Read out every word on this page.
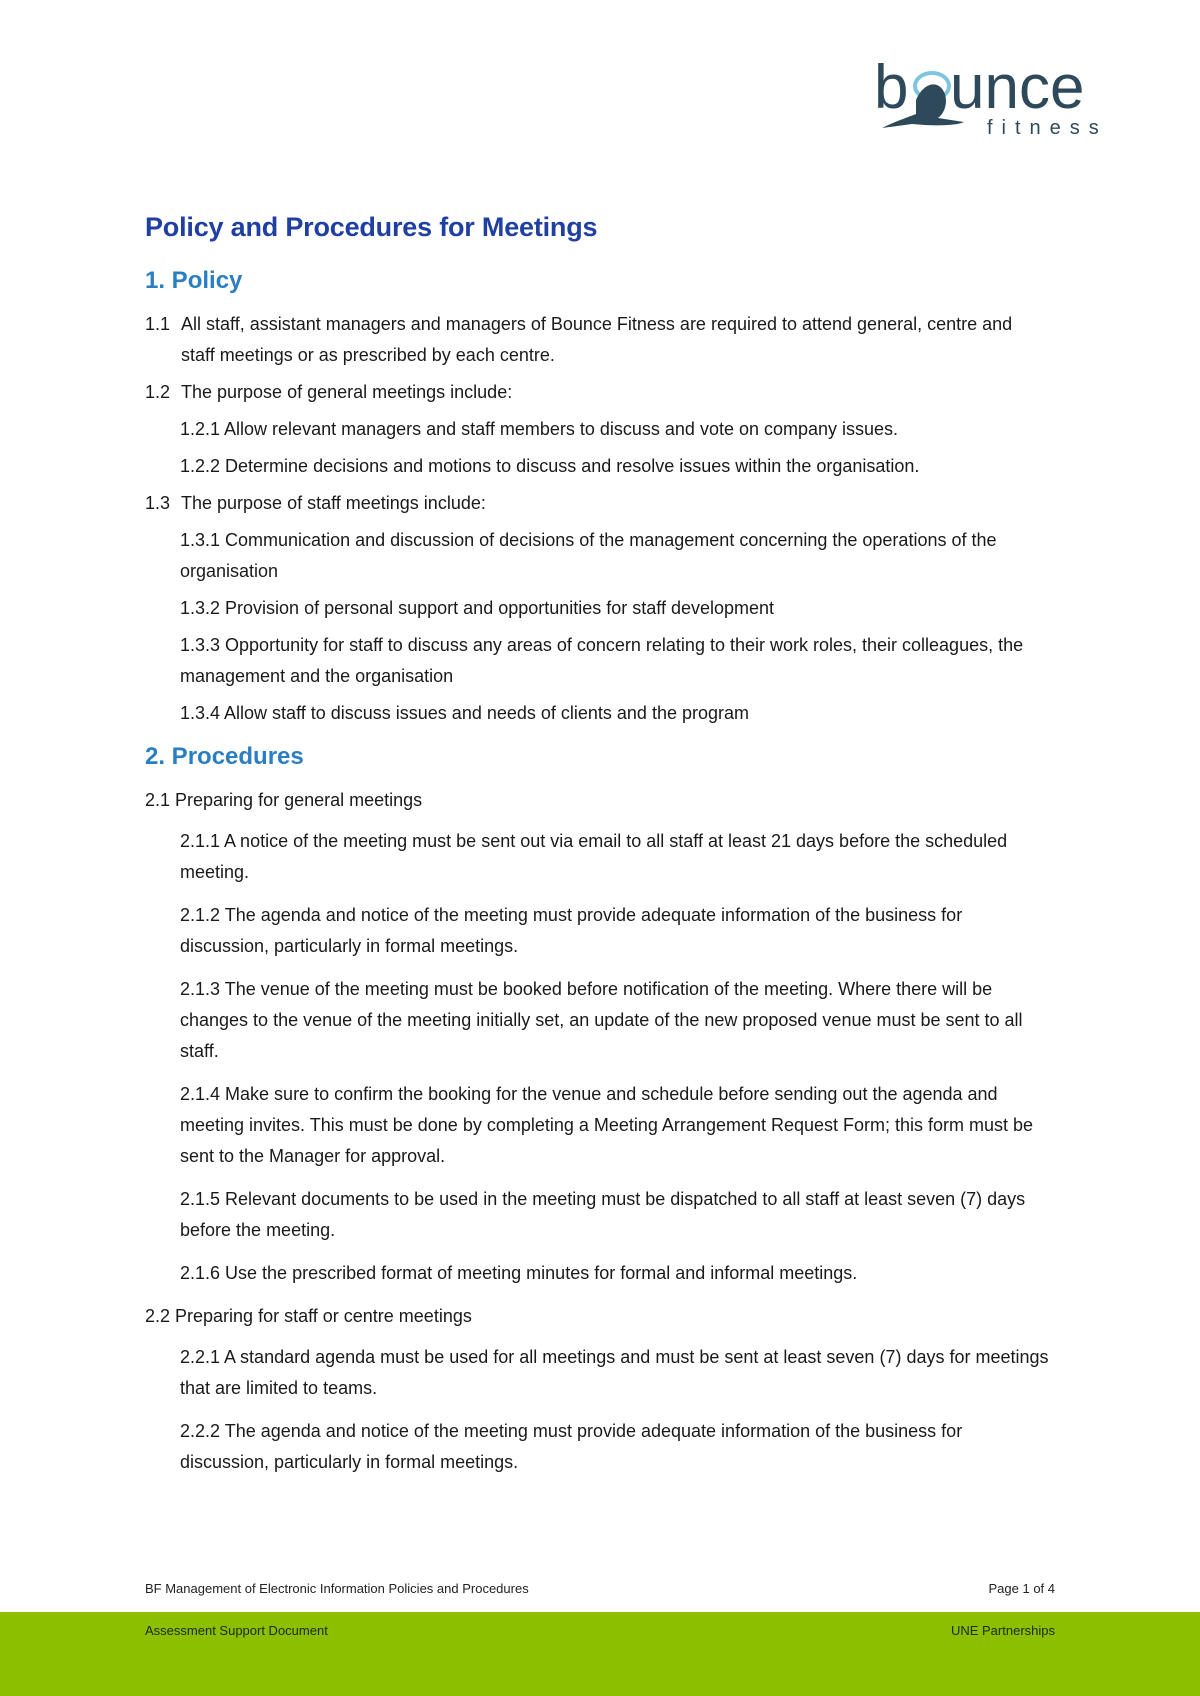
b unce
fitness
Policy and Procedures for Meetings
1. Policy
1.1 All staff, assistant managers and managers of Bounce Fitness are required to attend general, centre and staff meetings or as prescribed by each centre.
1.2 The purpose of general meetings include:
1.2.1 Allow relevant managers and staff members to discuss and vote on company issues.
1.2.2 Determine decisions and motions to discuss and resolve issues within the organisation.
1.3 The purpose of staff meetings include:
1.3.1 Communication and discussion of decisions of the management concerning the operations of the organisation
1.3.2 Provision of personal support and opportunities for staff development
1.3.3 Opportunity for staff to discuss any areas of concern relating to their work roles, their colleagues, the management and the organisation
1.3.4 Allow staff to discuss issues and needs of clients and the program
2. Procedures
2.1 Preparing for general meetings
2.1.1 A notice of the meeting must be sent out via email to all staff at least 21 days before the scheduled meeting.
2.1.2 The agenda and notice of the meeting must provide adequate information of the business for discussion, particularly in formal meetings.
2.1.3 The venue of the meeting must be booked before notification of the meeting. Where there will be changes to the venue of the meeting initially set, an update of the new proposed venue must be sent to all staff.
2.1.4 Make sure to confirm the booking for the venue and schedule before sending out the agenda and meeting invites. This must be done by completing a Meeting Arrangement Request Form; this form must be sent to the Manager for approval.
2.1.5 Relevant documents to be used in the meeting must be dispatched to all staff at least seven (7) days before the meeting.
2.1.6 Use the prescribed format of meeting minutes for formal and informal meetings.
2.2 Preparing for staff or centre meetings
2.2.1 A standard agenda must be used for all meetings and must be sent at least seven (7) days for meetings that are limited to teams.
2.2.2 The agenda and notice of the meeting must provide adequate information of the business for discussion, particularly in formal meetings.
BF Management of Electronic Information Policies and Procedures	Page 1 of 4
Assessment Support Document	UNE Partnerships
